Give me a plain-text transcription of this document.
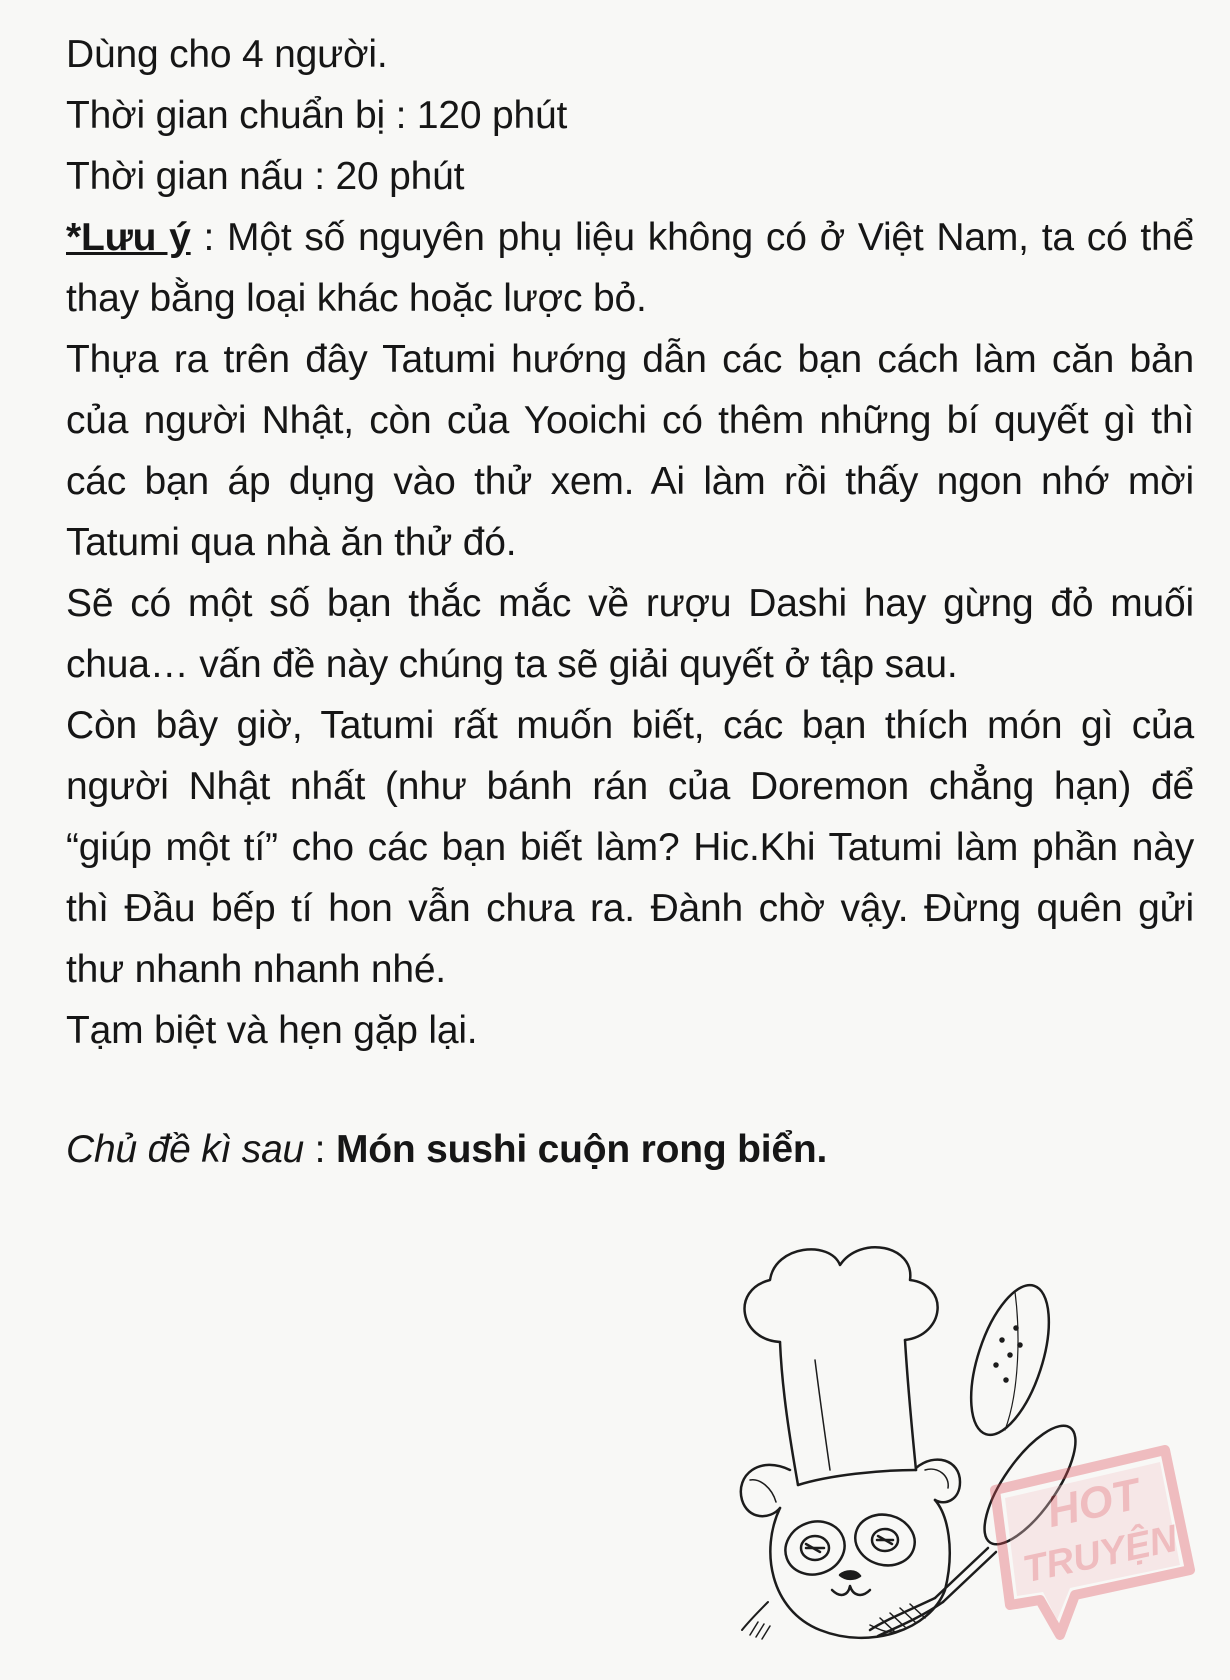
Dùng cho 4 người.

Thời gian chuẩn bị : 120 phút

Thời gian nấu : 20 phút

*Lưu ý : Một số nguyên phụ liệu không có ở Việt Nam, ta có thể thay bằng loại khác hoặc lược bỏ.

Thựa ra trên đây Tatumi hướng dẫn các bạn cách làm căn bản của người Nhật, còn của Yooichi có thêm những bí quyết gì thì các bạn áp dụng vào thử xem. Ai làm rồi thấy ngon nhớ mời Tatumi qua nhà ăn thử đó.

Sẽ có một số bạn thắc mắc về rượu Dashi hay gừng đỏ muối chua… vấn đề này chúng ta sẽ giải quyết ở tập sau.

Còn bây giờ, Tatumi rất muốn biết, các bạn thích món gì của người Nhật nhất (như bánh rán của Doremon chẳng hạn) để “giúp một tí” cho các bạn biết làm? Hic.Khi Tatumi làm phần này thì Đầu bếp tí hon vẫn chưa ra. Đành chờ vậy. Đừng quên gửi thư nhanh nhanh nhé.

Tạm biệt và hẹn gặp lại.

Chủ đề kì sau : Món sushi cuộn rong biển.

HOT
TRUYỆN
